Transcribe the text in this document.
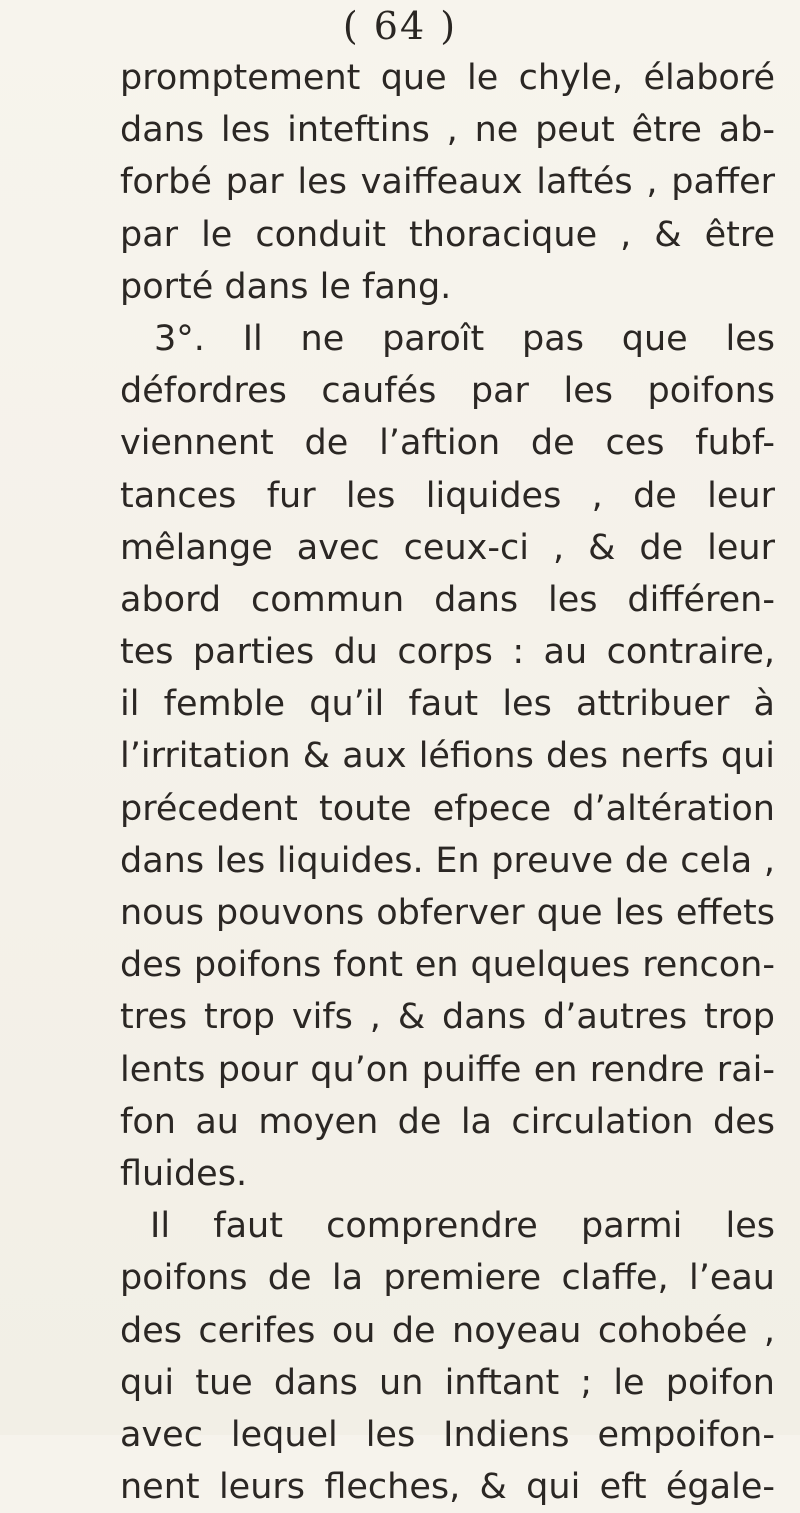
( 64 )
promptement que le chyle, élaboré
dans les inteftins , ne peut être ab-
forbé par les vaiffeaux laftés , paffer
par le conduit thoracique , & être
porté dans le fang.
3°. Il ne paroît pas que les
défordres caufés par les poifons
viennent de l’aftion de ces fubf-
tances fur les liquides , de leur
mêlange avec ceux-ci , & de leur
abord commun dans les différen-
tes parties du corps : au contraire,
il femble qu’il faut les attribuer à
l’irritation & aux léfions des nerfs qui
précedent toute efpece d’altération
dans les liquides. En preuve de cela ,
nous pouvons obferver que les effets
des poifons font en quelques rencon-
tres trop vifs , & dans d’autres trop
lents pour qu’on puiffe en rendre rai-
fon au moyen de la circulation des
fluides.
Il faut comprendre parmi les
poifons de la premiere claffe, l’eau
des cerifes ou de noyeau cohobée ,
qui tue dans un inftant ; le poifon
avec lequel les Indiens empoifon-
nent leurs fleches, & qui eft égale-
